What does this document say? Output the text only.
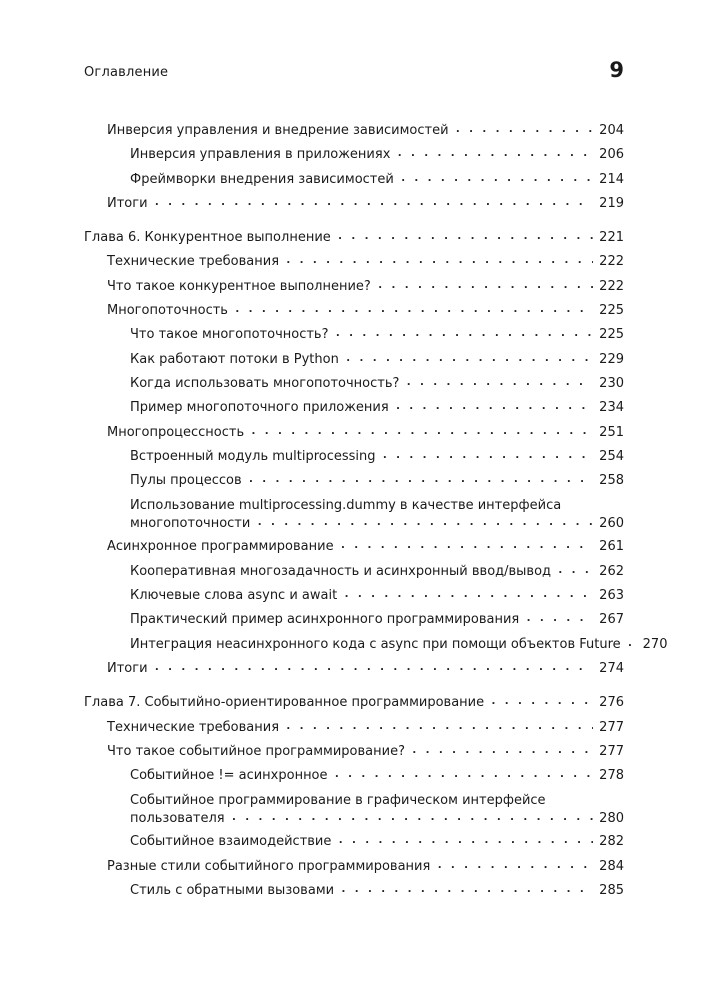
Оглавление	9
Инверсия управления и внедрение зависимостей . . .	204
Инверсия управления в приложениях . . .	206
Фреймворки внедрения зависимостей . . .	214
Итоги . . .	219
Глава 6. Конкурентное выполнение . . .	221
Технические требования . . .	222
Что такое конкурентное выполнение? . . .	222
Многопоточность . . .	225
Что такое многопоточность? . . .	225
Как работают потоки в Python . . .	229
Когда использовать многопоточность? . . .	230
Пример многопоточного приложения . . .	234
Многопроцессность . . .	251
Встроенный модуль multiprocessing . . .	254
Пулы процессов . . .	258
Использование multiprocessing.dummy в качестве интерфейса
многопоточности . . .	260
Асинхронное программирование . . .	261
Кооперативная многозадачность и асинхронный ввод/вывод . . .	262
Ключевые слова async и await . . .	263
Практический пример асинхронного программирования . . .	267
Интеграция неасинхронного кода с async при помощи объектов Future . . .	270
Итоги . . .	274
Глава 7. Событийно-ориентированное программирование . . .	276
Технические требования . . .	277
Что такое событийное программирование? . . .	277
Событийное != асинхронное . . .	278
Событийное программирование в графическом интерфейсе
пользователя . . .	280
Событийное взаимодействие . . .	282
Разные стили событийного программирования . . .	284
Стиль с обратными вызовами . . .	285
